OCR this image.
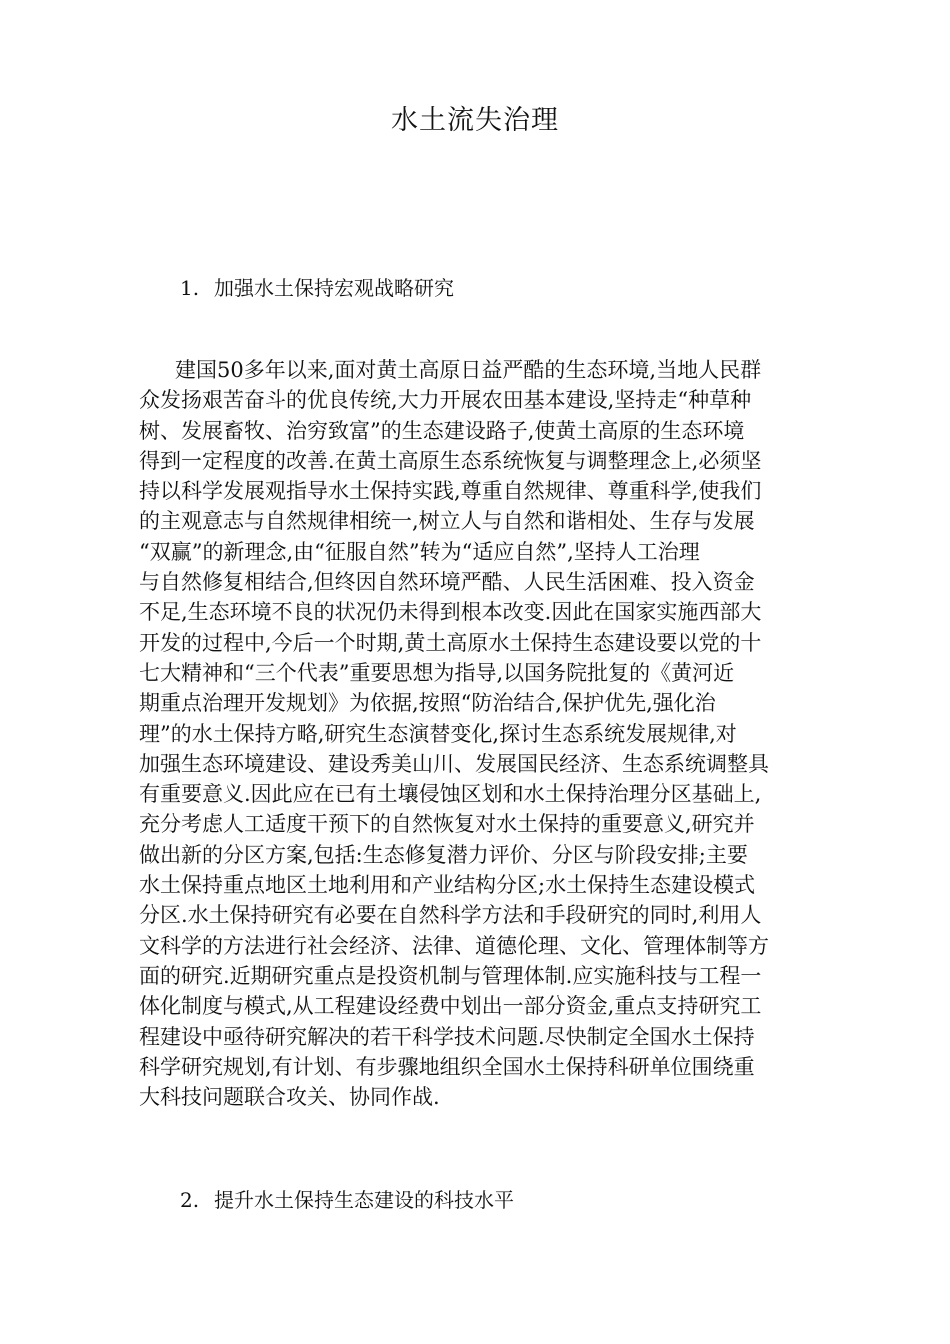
水土流失治理
1. 加强水土保持宏观战略研究
建国50多年以来,面对黄土高原日益严酷的生态环境,当地人民群
众发扬艰苦奋斗的优良传统,大力开展农田基本建设,坚持走“种草种
树、发展畜牧、治穷致富”的生态建设路子,使黄土高原的生态环境
得到一定程度的改善.在黄土高原生态系统恢复与调整理念上,必须坚
持以科学发展观指导水土保持实践,尊重自然规律、尊重科学,使我们
的主观意志与自然规律相统一,树立人与自然和谐相处、生存与发展
“双赢”的新理念,由“征服自然”转为“适应自然”,坚持人工治理
与自然修复相结合,但终因自然环境严酷、人民生活困难、投入资金
不足,生态环境不良的状况仍未得到根本改变.因此在国家实施西部大
开发的过程中,今后一个时期,黄土高原水土保持生态建设要以党的十
七大精神和“三个代表”重要思想为指导,以国务院批复的《黄河近
期重点治理开发规划》为依据,按照“防治结合,保护优先,强化治
理”的水土保持方略,研究生态演替变化,探讨生态系统发展规律,对
加强生态环境建设、建设秀美山川、发展国民经济、生态系统调整具
有重要意义.因此应在已有土壤侵蚀区划和水土保持治理分区基础上,
充分考虑人工适度干预下的自然恢复对水土保持的重要意义,研究并
做出新的分区方案,包括:生态修复潜力评价、分区与阶段安排;主要
水土保持重点地区土地利用和产业结构分区;水土保持生态建设模式
分区.水土保持研究有必要在自然科学方法和手段研究的同时,利用人
文科学的方法进行社会经济、法律、道德伦理、文化、管理体制等方
面的研究.近期研究重点是投资机制与管理体制.应实施科技与工程一
体化制度与模式,从工程建设经费中划出一部分资金,重点支持研究工
程建设中亟待研究解决的若干科学技术问题.尽快制定全国水土保持
科学研究规划,有计划、有步骤地组织全国水土保持科研单位围绕重
大科技问题联合攻关、协同作战.
2. 提升水土保持生态建设的科技水平
